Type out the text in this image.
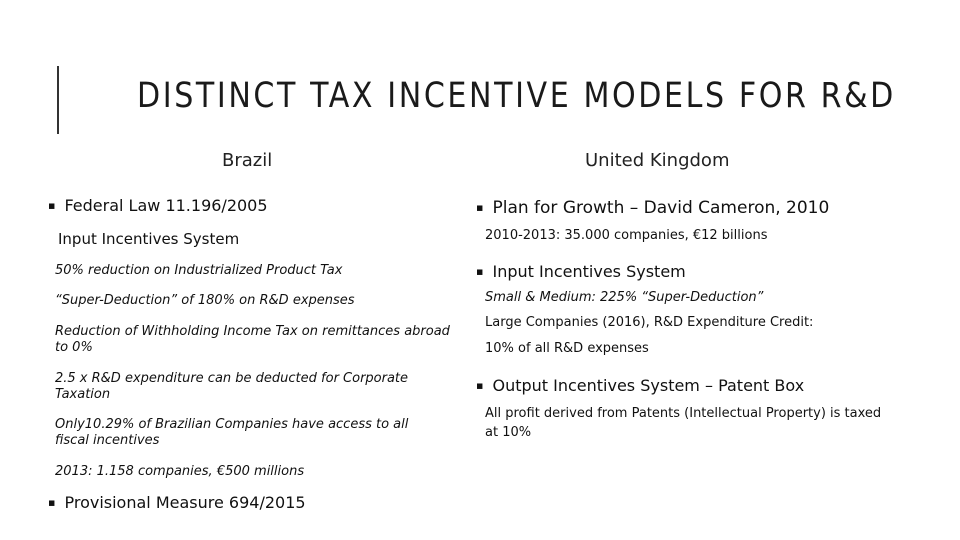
DISTINCT TAX INCENTIVE MODELS FOR R&D
Brazil
▪ Federal Law 11.196/2005
Input Incentives System
50% reduction on Industrialized Product Tax
“Super-Deduction” of 180% on R&D expenses
Reduction of Withholding Income Tax on remittances abroad to 0%
2.5 x R&D expenditure can be deducted for Corporate Taxation
Only10.29% of Brazilian Companies have access to all fiscal incentives
2013: 1.158 companies, €500 millions
▪ Provisional Measure 694/2015
United Kingdom
▪ Plan for Growth – David Cameron, 2010
2010-2013: 35.000 companies, €12 billions
▪ Input Incentives System
Small & Medium: 225% “Super-Deduction”
Large Companies (2016), R&D Expenditure Credit:
10% of all R&D expenses
▪ Output Incentives System – Patent Box
All profit derived from Patents (Intellectual Property) is taxed at 10%
